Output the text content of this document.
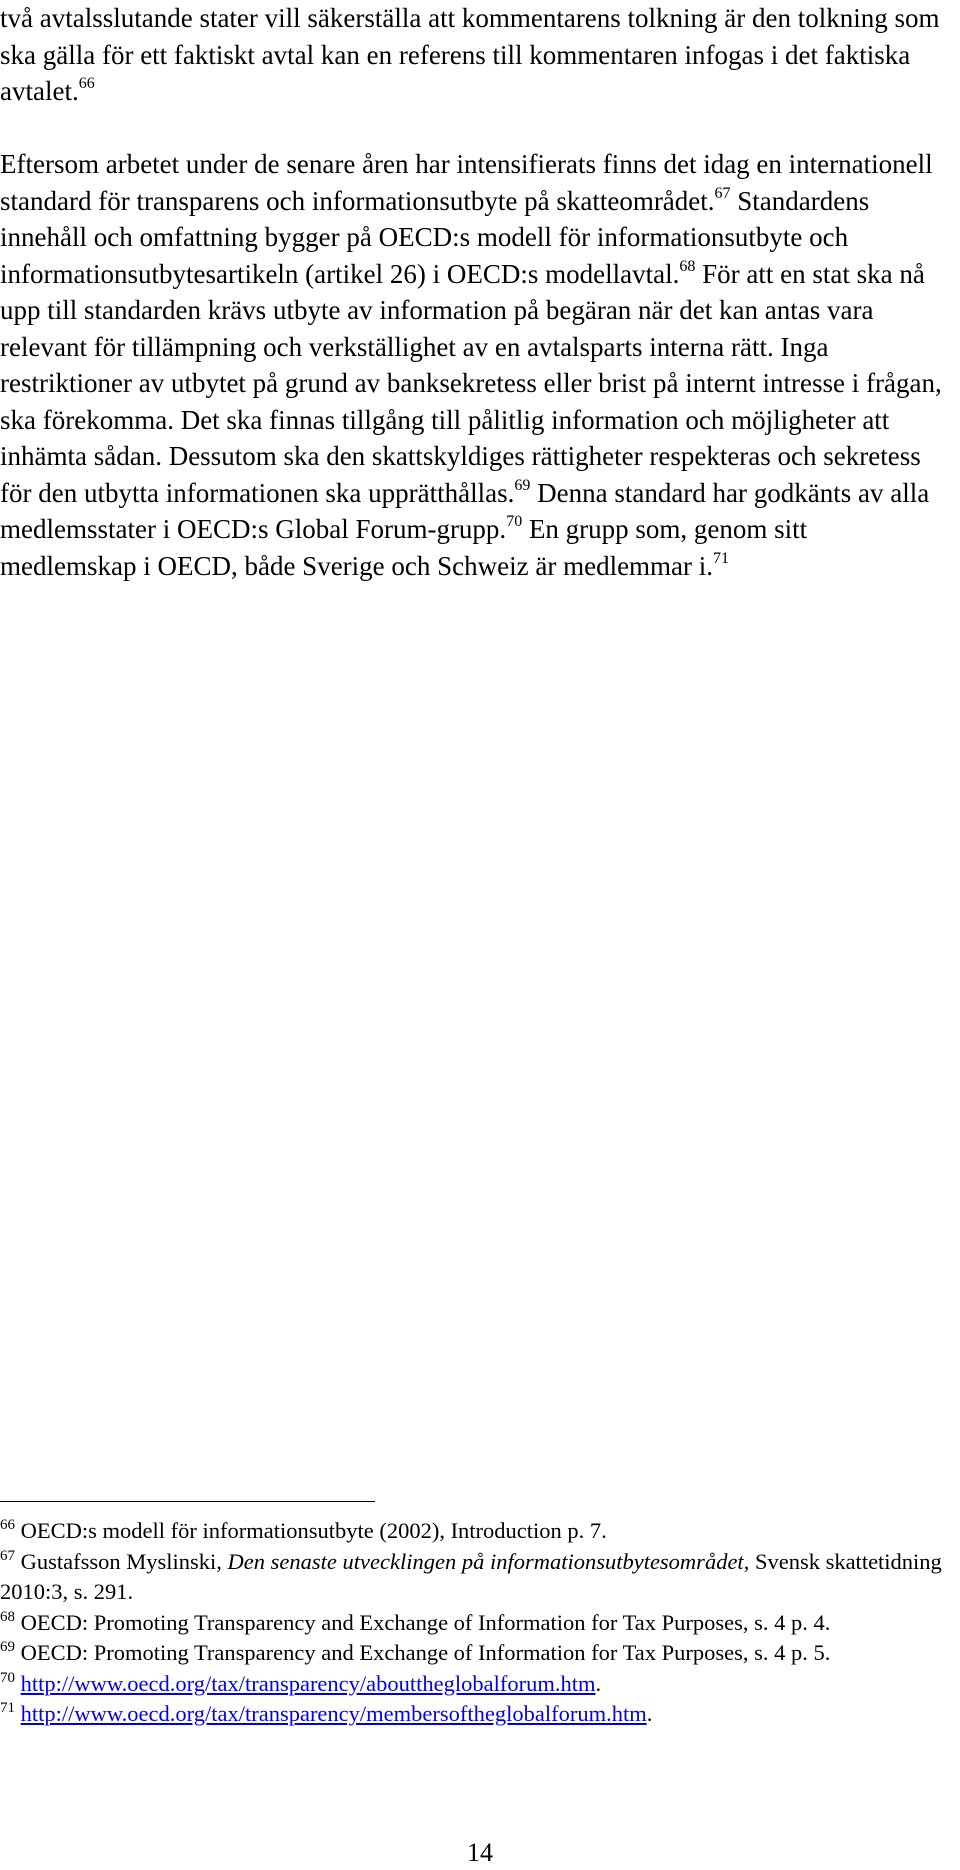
två avtalsslutande stater vill säkerställa att kommentarens tolkning är den tolkning som ska gälla för ett faktiskt avtal kan en referens till kommentaren infogas i det faktiska avtalet.$^{66}$

Eftersom arbetet under de senare åren har intensifierats finns det idag en internationell standard för transparens och informationsutbyte på skatteområdet.$^{67}$ Standardens innehåll och omfattning bygger på OECD:s modell för informationsutbyte och informationsutbytesartikeln (artikel 26) i OECD:s modellavtal.$^{68}$ För att en stat ska nå upp till standarden krävs utbyte av information på begäran när det kan antas vara relevant för tillämpning och verkställighet av en avtalsparts interna rätt. Inga restriktioner av utbytet på grund av banksekretess eller brist på internt intresse i frågan, ska förekomma. Det ska finnas tillgång till pålitlig information och möjligheter att inhämta sådan. Dessutom ska den skattskyldiges rättigheter respekteras och sekretess för den utbytta informationen ska upprätthållas.$^{69}$ Denna standard har godkänts av alla medlemsstater i OECD:s Global Forum-grupp.$^{70}$ En grupp som, genom sitt medlemskap i OECD, både Sverige och Schweiz är medlemmar i.$^{71}$

$^{66}$ OECD:s modell för informationsutbyte (2002), Introduction p. 7.

$^{67}$ Gustafsson Myslinski, Den senaste utvecklingen på informationsutbytesområdet, Svensk skattetidning 2010:3, s. 291.

$^{68}$ OECD: Promoting Transparency and Exchange of Information for Tax Purposes, s. 4 p. 4.

$^{69}$ OECD: Promoting Transparency and Exchange of Information for Tax Purposes, s. 4 p. 5.

$^{70}$ http://www.oecd.org/tax/transparency/abouttheglobalforum.htm.

$^{71}$ http://www.oecd.org/tax/transparency/membersoftheglobalforum.htm.

14
